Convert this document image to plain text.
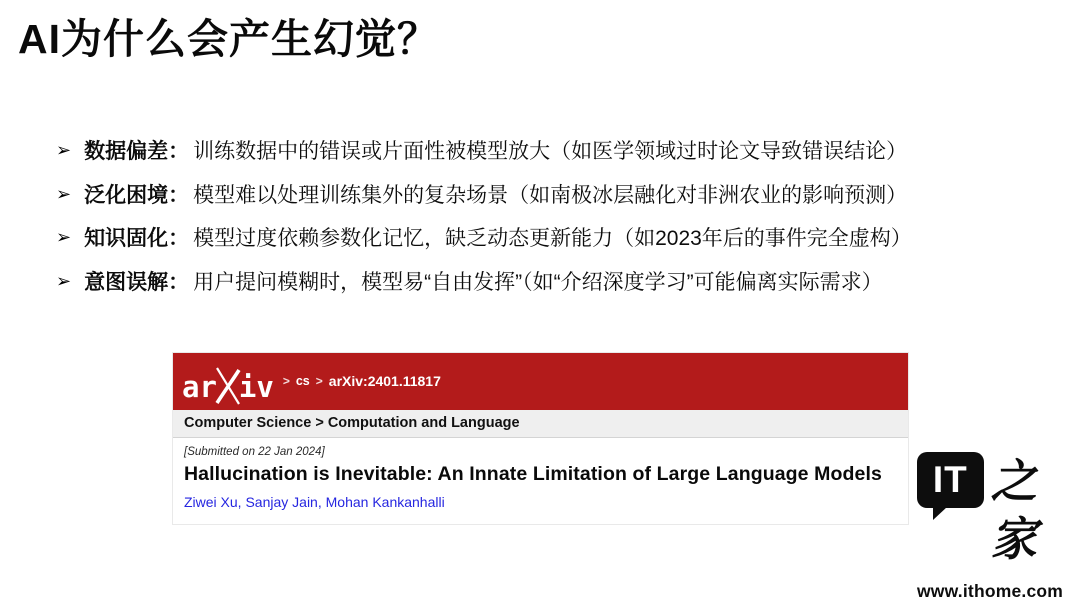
AI为什么会产生幻觉？
➢ 数据偏差： 训练数据中的错误或片面性被模型放大（如医学领域过时论文导致错误结论）
➢ 泛化困境： 模型难以处理训练集外的复杂场景（如南极冰层融化对非洲农业的影响预测）
➢ 知识固化： 模型过度依赖参数化记忆，缺乏动态更新能力（如2023年后的事件完全虚构）
➢ 意图误解： 用户提问模糊时，模型易“自由发挥”（如“介绍深度学习”可能偏离实际需求）
ar iv > cs > arXiv:2401.11817
Computer Science > Computation and Language
[Submitted on 22 Jan 2024]
Hallucination is Inevitable: An Innate Limitation of Large Language Models
Ziwei Xu, Sanjay Jain, Mohan Kankanhalli
IT 之家
www.ithome.com
